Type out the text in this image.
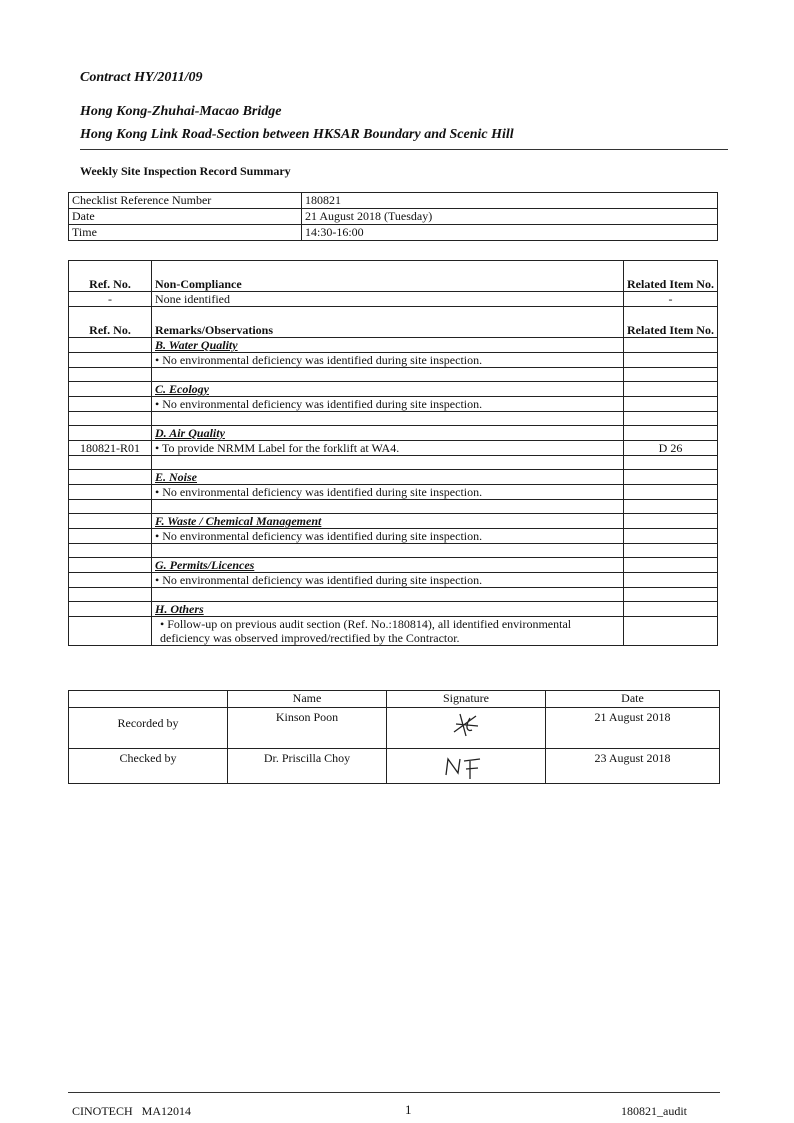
Contract HY/2011/09
Hong Kong-Zhuhai-Macao Bridge
Hong Kong Link Road-Section between HKSAR Boundary and Scenic Hill
Weekly Site Inspection Record Summary
Checklist Reference Number	180821
Date	21 August 2018 (Tuesday)
Time	14:30-16:00
Ref. No.	Non-Compliance	Related Item No.
-	None identified	-
Ref. No.	Remarks/Observations	Related Item No.
	B. Water Quality	
	• No environmental deficiency was identified during site inspection.	

	C. Ecology	
	• No environmental deficiency was identified during site inspection.	

	D. Air Quality	
180821-R01	• To provide NRMM Label for the forklift at WA4.	D 26

	E. Noise	
	• No environmental deficiency was identified during site inspection.	

	F. Waste / Chemical Management	
	• No environmental deficiency was identified during site inspection.	

	G. Permits/Licences	
	• No environmental deficiency was identified during site inspection.	

	H. Others	
	• Follow-up on previous audit section (Ref. No.:180814), all identified environmental deficiency was observed improved/rectified by the Contractor.	
	Name	Signature	Date
Recorded by	Kinson Poon		21 August 2018
Checked by	Dr. Priscilla Choy		23 August 2018
CINOTECH   MA12014	1	180821_audit
